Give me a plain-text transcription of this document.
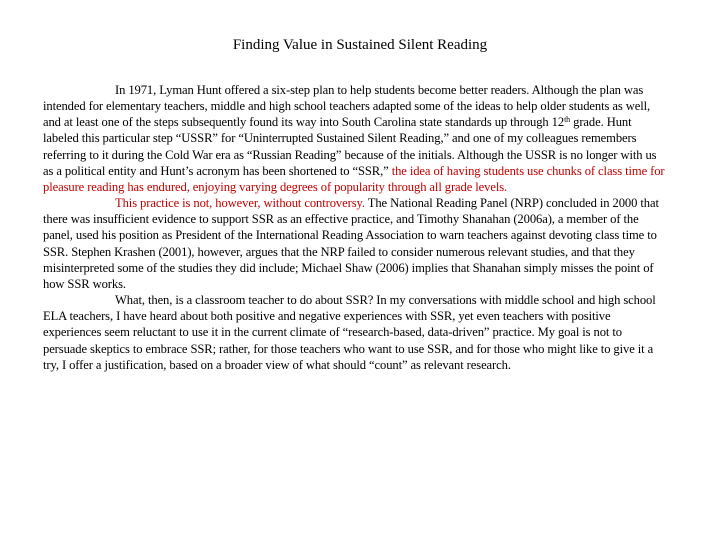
Finding Value in Sustained Silent Reading

In 1971, Lyman Hunt offered a six-step plan to help students become better readers. Although the plan was intended for elementary teachers, middle and high school teachers adapted some of the ideas to help older students as well, and at least one of the steps subsequently found its way into South Carolina state standards up through 12th grade. Hunt labeled this particular step “USSR” for “Uninterrupted Sustained Silent Reading,” and one of my colleagues remembers referring to it during the Cold War era as “Russian Reading” because of the initials. Although the USSR is no longer with us as a political entity and Hunt’s acronym has been shortened to “SSR,” the idea of having students use chunks of class time for pleasure reading has endured, enjoying varying degrees of popularity through all grade levels.

This practice is not, however, without controversy. The National Reading Panel (NRP) concluded in 2000 that there was insufficient evidence to support SSR as an effective practice, and Timothy Shanahan (2006a), a member of the panel, used his position as President of the International Reading Association to warn teachers against devoting class time to SSR. Stephen Krashen (2001), however, argues that the NRP failed to consider numerous relevant studies, and that they misinterpreted some of the studies they did include; Michael Shaw (2006) implies that Shanahan simply misses the point of how SSR works.

What, then, is a classroom teacher to do about SSR? In my conversations with middle school and high school ELA teachers, I have heard about both positive and negative experiences with SSR, yet even teachers with positive experiences seem reluctant to use it in the current climate of “research-based, data-driven” practice. My goal is not to persuade skeptics to embrace SSR; rather, for those teachers who want to use SSR, and for those who might like to give it a try, I offer a justification, based on a broader view of what should “count” as relevant research.
